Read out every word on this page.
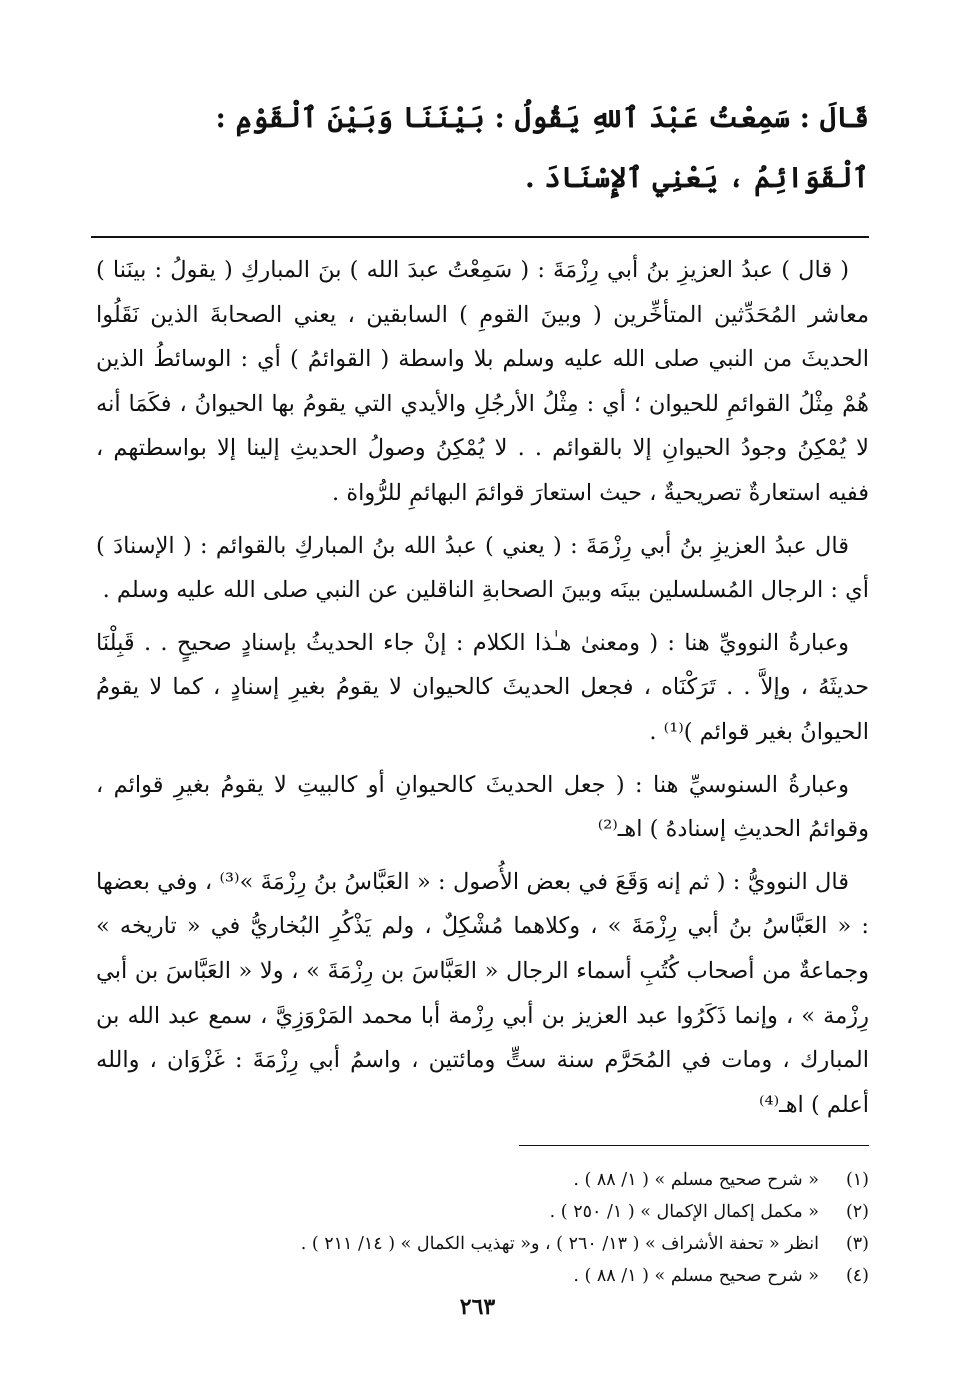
قَالَ : سَمِعْتُ عَبْدَ ٱللهِ يَقُولُ : بَيْنَنَا وَبَيْنَ ٱلْقَوْمِ : ٱلْقَوَائِمُ ، يَعْنِي ٱلإِسْنَادَ .

( قال ) عبدُ العزيزِ بنُ أبي رِزْمَةَ : ( سَمِعْتُ عبدَ الله ) بنَ المباركِ ( يقولُ : بينَنا ) معاشر المُحَدِّثين المتأخِّرين ( وبينَ القومِ ) السابقين ، يعني الصحابةَ الذين نَقَلُوا الحديثَ من النبي صلى الله عليه وسلم بلا واسطة ( القوائمُ ) أي : الوسائطُ الذين هُمْ مِثْلُ القوائمِ للحيوان ؛ أي : مِثْلُ الأرجُلِ والأيدي التي يقومُ بها الحيوانُ ، فكَمَا أنه لا يُمْكِنُ وجودُ الحيوانِ إلا بالقوائم . . لا يُمْكِنُ وصولُ الحديثِ إلينا إلا بواسطتهم ، ففيه استعارةٌ تصريحيةٌ ، حيث استعارَ قوائمَ البهائمِ للرُّواة .

قال عبدُ العزيزِ بنُ أبي رِزْمَةَ : ( يعني ) عبدُ الله بنُ المباركِ بالقوائم : ( الإسنادَ ) أي : الرجال المُسلسلين بينَه وبينَ الصحابةِ الناقلين عن النبي صلى الله عليه وسلم .

وعبارةُ النوويِّ هنا : ( ومعنىٰ هـٰذا الكلام : إنْ جاء الحديثُ بإسنادٍ صحيحٍ . . قَبِلْنَا حديثَهُ ، وإلاَّ . . تَرَكْنَاه ، فجعل الحديثَ كالحيوان لا يقومُ بغيرِ إسنادٍ ، كما لا يقومُ الحيوانُ بغير قوائم )⁽¹⁾ .

وعبارةُ السنوسيِّ هنا : ( جعل الحديثَ كالحيوانِ أو كالبيتِ لا يقومُ بغيرِ قوائم ، وقوائمُ الحديثِ إسنادهُ ) اهـ⁽²⁾

قال النوويُّ : ( ثم إنه وَقَعَ في بعض الأُصول : « العَبَّاسُ بنُ رِزْمَةَ »⁽³⁾ ، وفي بعضها : « العَبَّاسُ بنُ أبي رِزْمَةَ » ، وكلاهما مُشْكِلٌ ، ولم يَذْكُرِ البُخاريُّ في « تاريخه » وجماعةٌ من أصحاب كُتُبِ أسماء الرجال « العَبَّاسَ بن رِزْمَةَ » ، ولا « العَبَّاسَ بن أبي رِزْمة » ، وإنما ذَكَرُوا عبد العزيز بن أبي رِزْمة أبا محمد المَرْوَزِيَّ ، سمع عبد الله بن المبارك ، ومات في المُحَرَّم سنة ستٍّ ومائتين ، واسمُ أبي رِزْمَةَ : غَزْوَان ، والله أعلم ) اهـ⁽⁴⁾

(١)
« شرح صحيح مسلم » ( ١/ ٨٨ ) .

(٢)
« مكمل إكمال الإكمال » ( ١/ ٢٥٠ ) .

(٣)
انظر « تحفة الأشراف » ( ١٣/ ٢٦٠ ) ، و« تهذيب الكمال » ( ١٤/ ٢١١ ) .

(٤)
« شرح صحيح مسلم » ( ١/ ٨٨ ) .

٢٦٣
